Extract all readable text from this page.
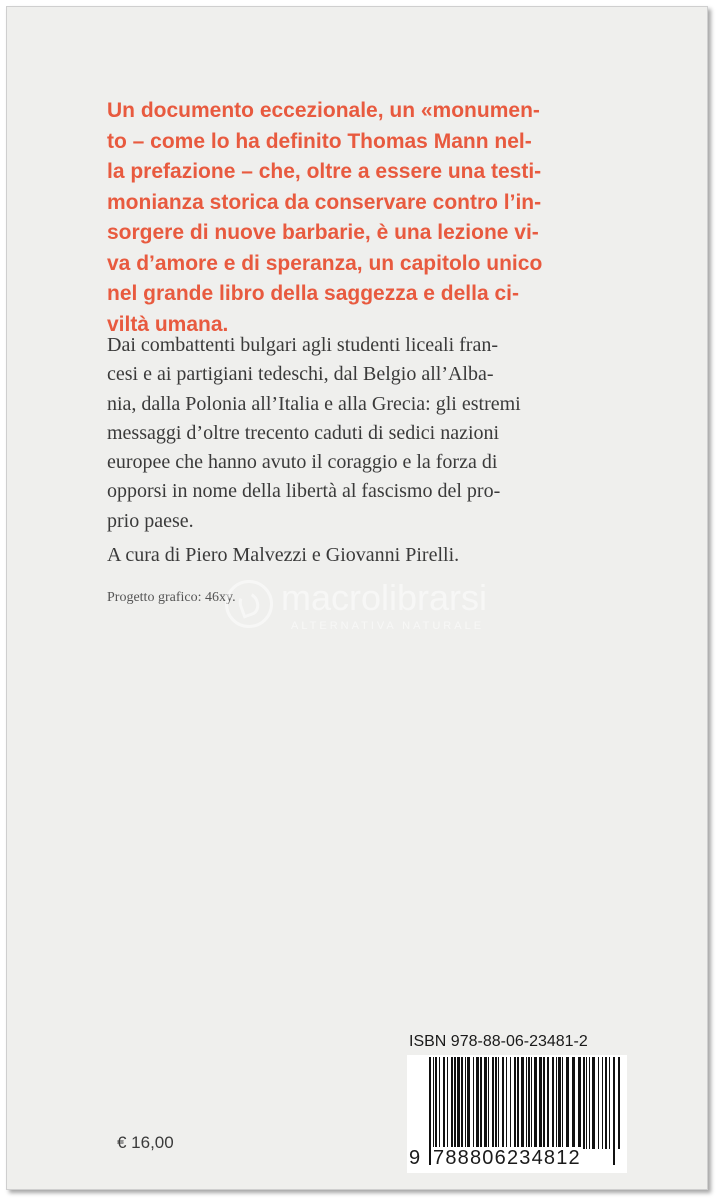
Un documento eccezionale, un «monumen-
to – come lo ha definito Thomas Mann nel-
la prefazione – che, oltre a essere una testi-
monianza storica da conservare contro l’in-
sorgere di nuove barbarie, è una lezione vi-
va d’amore e di speranza, un capitolo unico
nel grande libro della saggezza e della ci-
viltà umana.
Dai combattenti bulgari agli studenti liceali fran-
cesi e ai partigiani tedeschi, dal Belgio all’Alba-
nia, dalla Polonia all’Italia e alla Grecia: gli estremi
messaggi d’oltre trecento caduti di sedici nazioni
europee che hanno avuto il coraggio e la forza di
opporsi in nome della libertà al fascismo del pro-
prio paese.

A cura di Piero Malvezzi e Giovanni Pirelli.

Progetto grafico: 46xy. macrolibrarsi
ALTERNATIVA NATURALE
ISBN 978-88-06-23481-2
9 788806234812
€ 16,00
